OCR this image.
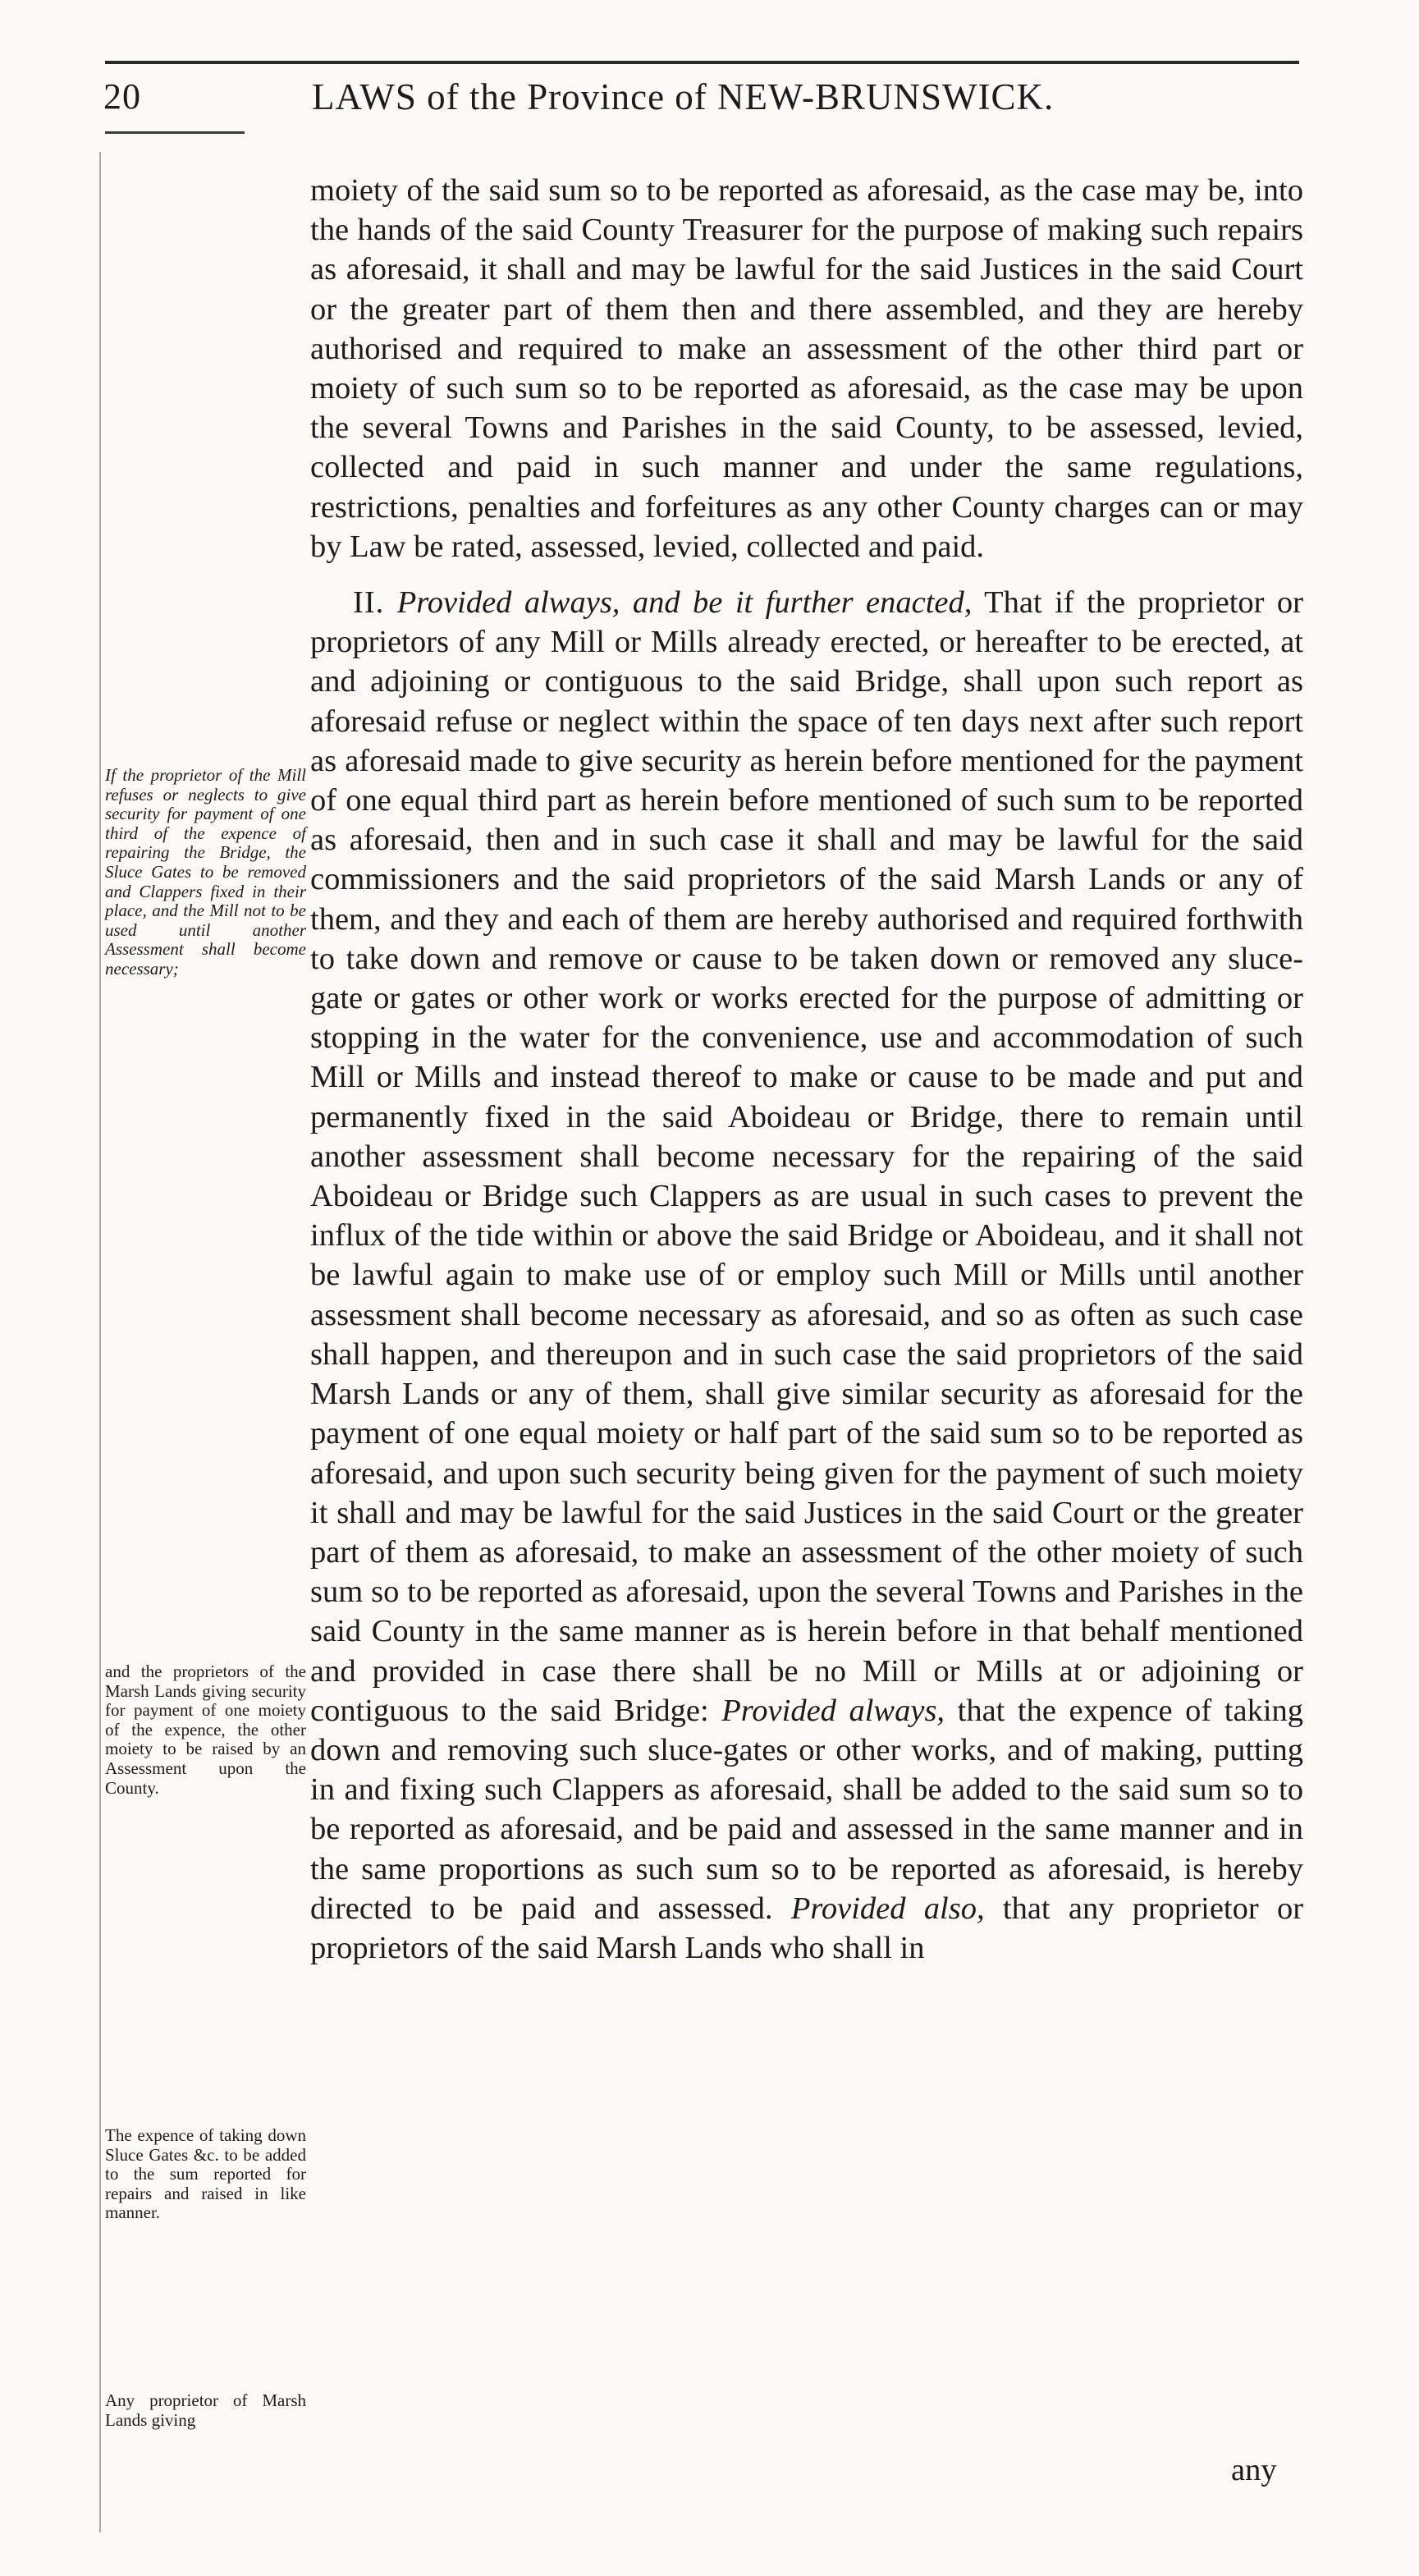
20	LAWS of the Province of NEW-BRUNSWICK.

moiety of the said sum so to be reported as aforesaid, as the case may be, into the hands of the said County Treasurer for the purpose of making such repairs as aforesaid, it shall and may be lawful for the said Justices in the said Court or the greater part of them then and there assembled, and they are hereby authorised and required to make an assessment of the other third part or moiety of such sum so to be reported as aforesaid, as the case may be upon the several Towns and Parishes in the said County, to be assessed, levied, collected and paid in such manner and under the same regulations, restrictions, penalties and forfeitures as any other County charges can or may by Law be rated, assessed, levied, collected and paid.

II. Provided always, and be it further enacted, That if the proprietor or proprietors of any Mill or Mills already erected, or hereafter to be erected, at and adjoining or contiguous to the said Bridge, shall upon such report as aforesaid refuse or neglect within the space of ten days next after such report as aforesaid made to give security as herein before mentioned for the payment of one equal third part as herein before mentioned of such sum to be reported as aforesaid, then and in such case it shall and may be lawful for the said commissioners and the said proprietors of the said Marsh Lands or any of them, and they and each of them are hereby authorised and required forthwith to take down and remove or cause to be taken down or removed any sluce-gate or gates or other work or works erected for the purpose of admitting or stopping in the water for the convenience, use and accommodation of such Mill or Mills and instead thereof to make or cause to be made and put and permanently fixed in the said Aboideau or Bridge, there to remain until another assessment shall become necessary for the repairing of the said Aboideau or Bridge such Clappers as are usual in such cases to prevent the influx of the tide within or above the said Bridge or Aboideau, and it shall not be lawful again to make use of or employ such Mill or Mills until another assessment shall become necessary as aforesaid, and so as often as such case shall happen, and thereupon and in such case the said proprietors of the said Marsh Lands or any of them, shall give similar security as aforesaid for the payment of one equal moiety or half part of the said sum so to be reported as aforesaid, and upon such security being given for the payment of such moiety it shall and may be lawful for the said Justices in the said Court or the greater part of them as aforesaid, to make an assessment of the other moiety of such sum so to be reported as aforesaid, upon the several Towns and Parishes in the said County in the same manner as is herein before in that behalf mentioned and provided in case there shall be no Mill or Mills at or adjoining or contiguous to the said Bridge: Provided always, that the expence of taking down and removing such sluce-gates or other works, and of making, putting in and fixing such Clappers as aforesaid, shall be added to the said sum so to be reported as aforesaid, and be paid and assessed in the same manner and in the same proportions as such sum so to be reported as aforesaid, is hereby directed to be paid and assessed. Provided also, that any proprietor or proprietors of the said Marsh Lands who shall in

If the proprietor of the Mill refuses or neglects to give security for payment of one third of the expence of repairing the Bridge, the Sluce Gates to be removed and Clappers fixed in their place, and the Mill not to be used until another Assessment shall become necessary;
and the proprietors of the Marsh Lands giving security for payment of one moiety of the expence, the other moiety to be raised by an Assessment upon the County.
The expence of taking down Sluce Gates &c. to be added to the sum reported for repairs and raised in like manner.
Any proprietor of Marsh Lands giving
any
